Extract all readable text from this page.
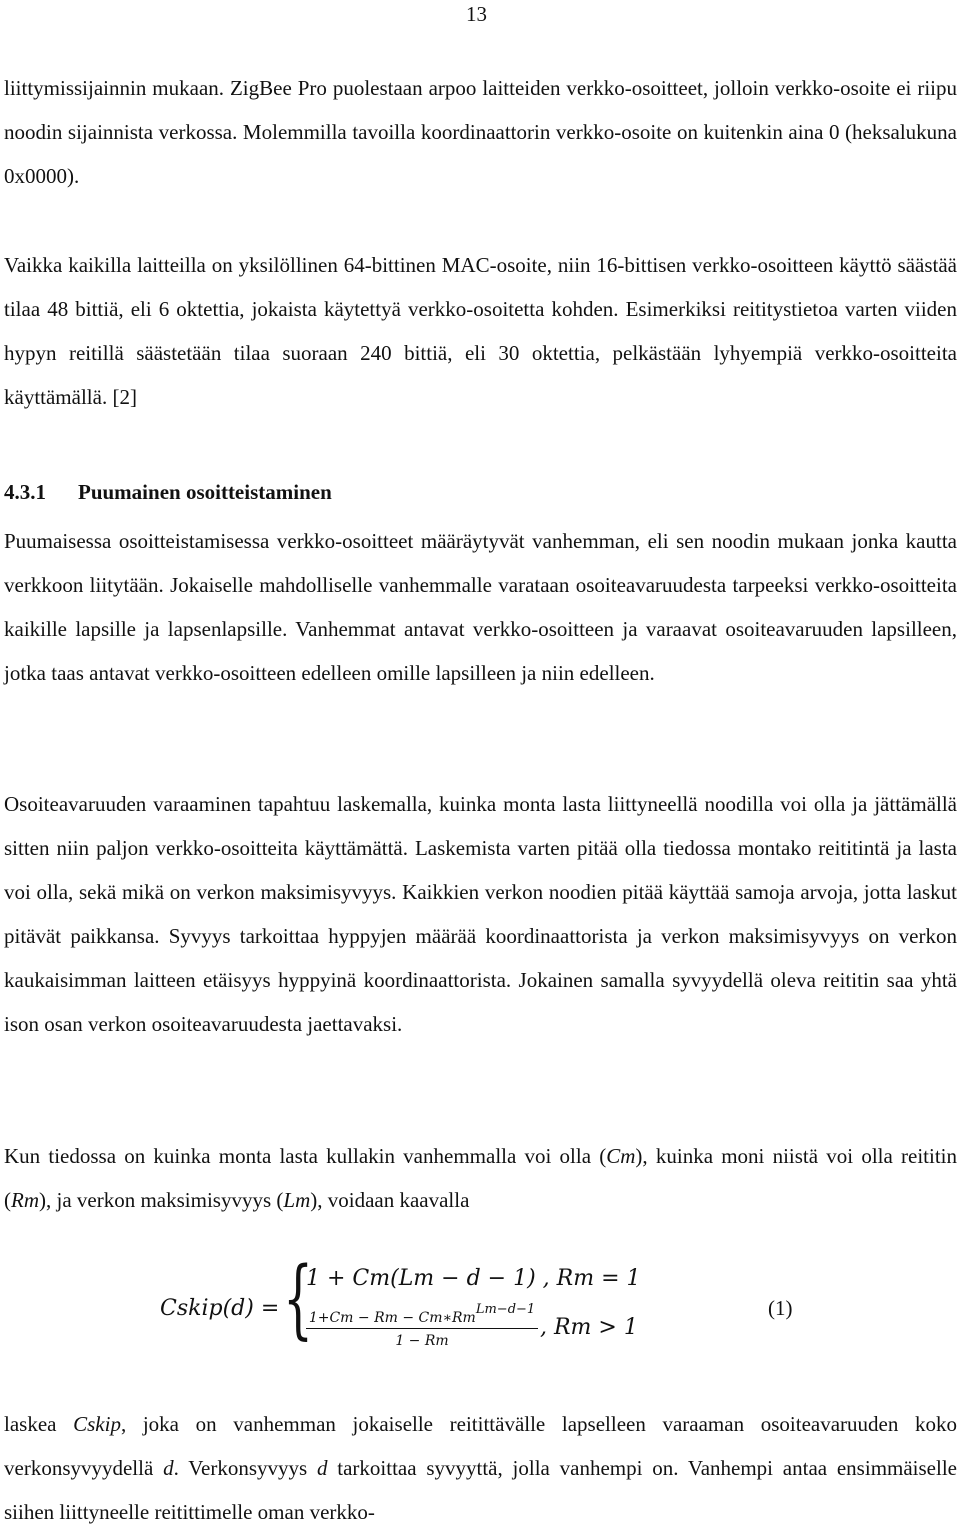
13

liittymissijainnin mukaan. ZigBee Pro puolestaan arpoo laitteiden verkko-osoitteet, jolloin verkko-osoite ei riipu noodin sijainnista verkossa. Molemmilla tavoilla koordinaattorin verkko-osoite on kuitenkin aina 0 (heksalukuna 0x0000).

Vaikka kaikilla laitteilla on yksilöllinen 64-bittinen MAC-osoite, niin 16-bittisen verkko-osoitteen käyttö säästää tilaa 48 bittiä, eli 6 oktettia, jokaista käytettyä verkko-osoitetta kohden. Esimerkiksi reititystietoa varten viiden hypyn reitillä säästetään tilaa suoraan 240 bittiä, eli 30 oktettia, pelkästään lyhyempiä verkko-osoitteita käyttämällä. [2]

4.3.1 Puumainen osoitteistaminen

Puumaisessa osoitteistamisessa verkko-osoitteet määräytyvät vanhemman, eli sen noodin mukaan jonka kautta verkkoon liitytään. Jokaiselle mahdolliselle vanhemmalle varataan osoiteavaruudesta tarpeeksi verkko-osoitteita kaikille lapsille ja lapsenlapsille. Vanhemmat antavat verkko-osoitteen ja varaavat osoiteavaruuden lapsilleen, jotka taas antavat verkko-osoitteen edelleen omille lapsilleen ja niin edelleen.

Osoiteavaruuden varaaminen tapahtuu laskemalla, kuinka monta lasta liittyneellä noodilla voi olla ja jättämällä sitten niin paljon verkko-osoitteita käyttämättä. Laskemista varten pitää olla tiedossa montako reititintä ja lasta voi olla, sekä mikä on verkon maksimisyvyys. Kaikkien verkon noodien pitää käyttää samoja arvoja, jotta laskut pitävät paikkansa. Syvyys tarkoittaa hyppyjen määrää koordinaattorista ja verkon maksimisyvyys on verkon kaukaisimman laitteen etäisyys hyppyinä koordinaattorista. Jokainen samalla syvyydellä oleva reititin saa yhtä ison osan verkon osoiteavaruudesta jaettavaksi.

Kun tiedossa on kuinka monta lasta kullakin vanhemmalla voi olla (Cm), kuinka moni niistä voi olla reititin (Rm), ja verkon maksimisyvyys (Lm), voidaan kaavalla

Cskip(d) = {
1 + Cm(Lm − d − 1) , Rm = 1
1+Cm − Rm − Cm∗RmLm−d−1
1 − Rm
, Rm > 1
(1)

laskea Cskip, joka on vanhemman jokaiselle reitittävälle lapselleen varaaman osoiteavaruuden koko verkonsyvyydellä d. Verkonsyvyys d tarkoittaa syvyyttä, jolla vanhempi on. Vanhempi antaa ensimmäiselle siihen liittyneelle reitittimelle oman verkko-
